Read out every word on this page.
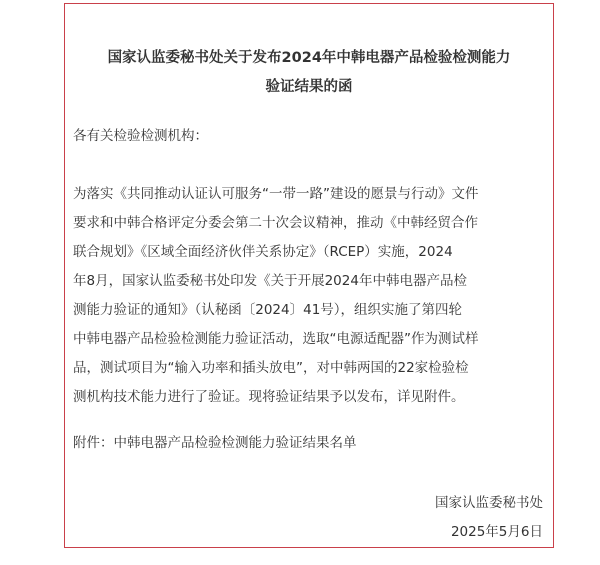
国家认监委秘书处关于发布2024年中韩电器产品检验检测能力
验证结果的函
各有关检验检测机构：
为落实《共同推动认证认可服务“一带一路”建设的愿景与行动》文件
要求和中韩合格评定分委会第二十次会议精神，推动《中韩经贸合作
联合规划》《区域全面经济伙伴关系协定》（RCEP）实施，2024
年8月，国家认监委秘书处印发《关于开展2024年中韩电器产品检
测能力验证的通知》（认秘函〔2024〕41号），组织实施了第四轮
中韩电器产品检验检测能力验证活动，选取“电源适配器”作为测试样
品，测试项目为“输入功率和插头放电”，对中韩两国的22家检验检
测机构技术能力进行了验证。现将验证结果予以发布，详见附件。
附件：中韩电器产品检验检测能力验证结果名单
国家认监委秘书处
2025年5月6日
